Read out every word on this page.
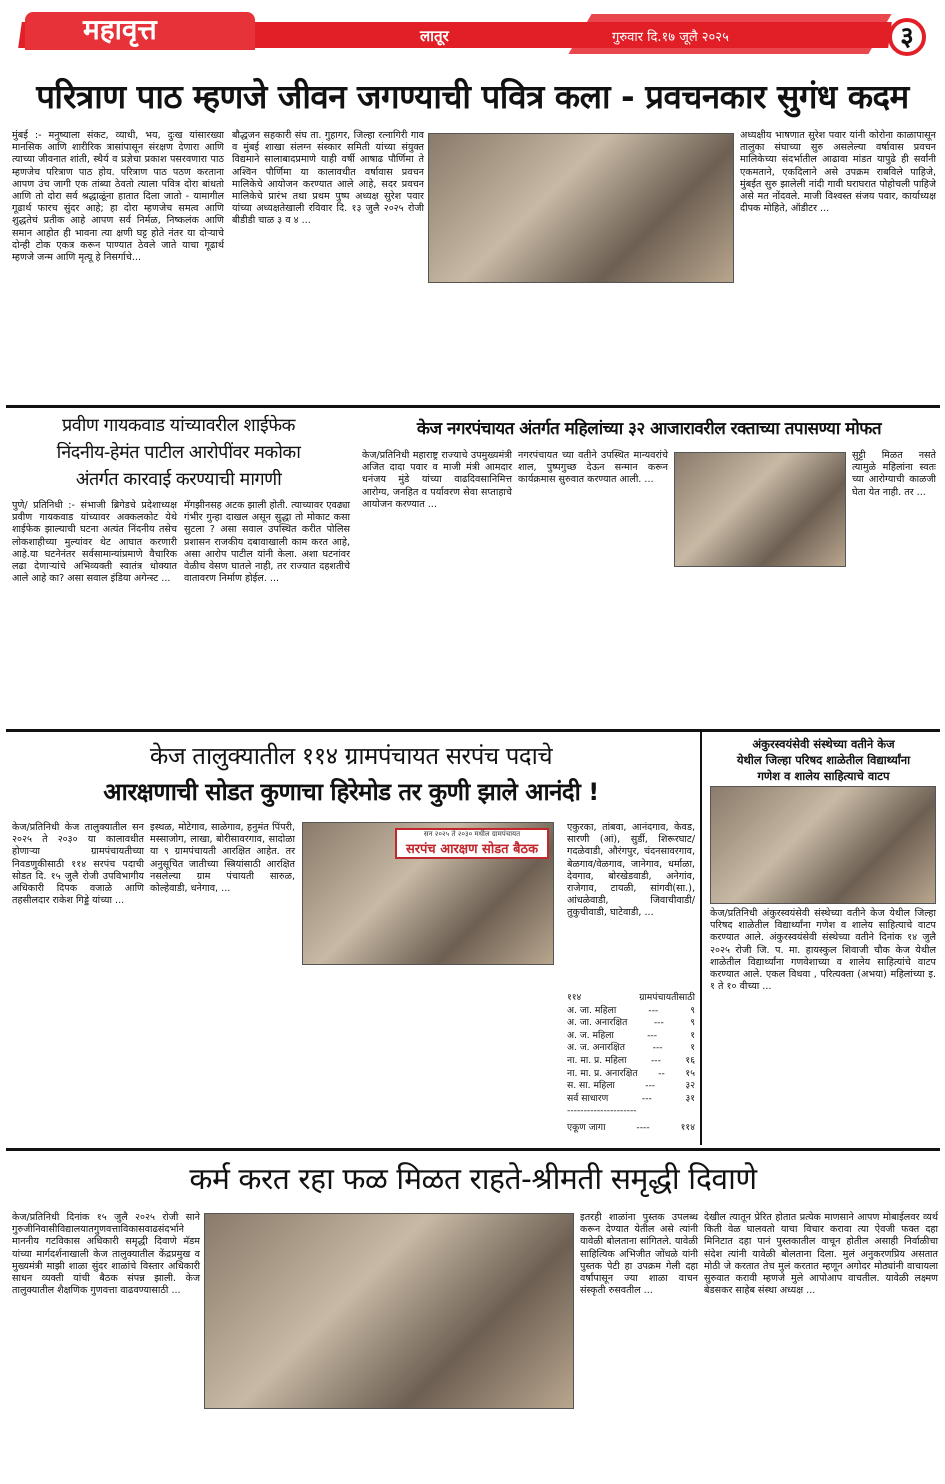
महावृत्त	लातूर	गुरुवार दि.१७ जूलै २०२५	३
परित्राण पाठ म्हणजे जीवन जगण्याची पवित्र कला - प्रवचनकार सुगंध कदम
मुंबई :- मनुष्याला संकट, व्याधी, भय, दुःख यांसारख्या मानसिक आणि शारीरिक त्रासांपासून संरक्षण देणारा आणि त्याच्या जीवनात शांती, स्थैर्य व प्रज्ञेचा प्रकाश पसरवणारा पाठ म्हणजेच परित्राण पाठ होय. परित्राण पाठ पठण करताना आपण उंच जागी एक तांब्या ठेवतो त्याला पवित्र दोरा बांधतो आणि तो दोरा सर्व श्रद्धाळूंना हातात दिला जातो - यामागील गूढार्थ फारच सुंदर आहे; हा दोरा म्हणजेच समत्व आणि शुद्धतेचं प्रतीक आहे आपण सर्व निर्मळ, निष्कलंक आणि समान आहोत ही भावना त्या क्षणी घट्ट होते नंतर या दोऱ्याचे दोन्ही टोक एकत्र करून पाण्यात ठेवले जाते याचा गूढार्थ म्हणजे जन्म आणि मृत्यू हे निसर्गाचे...
बौद्धजन सहकारी संघ ता. गुहागर, जिल्हा रत्नागिरी गाव व मुंबई शाखा संलग्न संस्कार समिती यांच्या संयुक्त विद्यमाने सालाबादप्रमाणे याही वर्षी आषाढ पौर्णिमा ते अश्विन पौर्णिमा या कालावधीत वर्षावास प्रवचन मालिकेचे आयोजन करण्यात आले आहे, सदर प्रवचन मालिकेचे प्रारंभ तथा प्रथम पुष्प अध्यक्ष सुरेश पवार यांच्या अध्यक्षतेखाली रविवार दि. १३ जुलै २०२५ रोजी बीडीडी चाळ ३ व ४ ...
अध्यक्षीय भाषणात सुरेश पवार यांनी कोरोना काळापासून तालुका संघाच्या सुरु असलेल्या वर्षावास प्रवचन मालिकेच्या संदर्भातील आढावा मांडत यापुढे ही सर्वांनी एकमताने, एकदिलाने असे उपक्रम राबविले पाहिजे, मुंबईत सुरु झालेली नांदी गावी घराघरात पोहोचली पाहिजे असे मत नोंदवले. माजी विश्वस्त संजय पवार, कार्याध्यक्ष दीपक मोहिते, ऑडीटर ...
प्रवीण गायकवाड यांच्यावरील शाईफेक
निंदनीय-हेमंत पाटील आरोपींवर मकोका
अंतर्गत कारवाई करण्याची मागणी
पुणे/ प्रतिनिधी :- संभाजी ब्रिगेडचे प्रदेशाध्यक्ष प्रवीण गायकवाड यांच्यावर अक्कलकोट येथे शाईफेक झाल्याची घटना अत्यंत निंदनीय तसेच लोकशाहीच्या मुल्यांवर थेट आघात करणारी आहे.या घटनेनंतर सर्वसामान्यांप्रमाणे वैचारिक लढा देणाऱ्यांचे अभिव्यक्ती स्वातंत्र धोक्यात आले आहे का? असा सवाल इंडिया अगेन्स्ट ...
मॅगझीनसह अटक झाली होती. त्याच्यावर एवढ्या गंभीर गुन्हा दाखल असून सुद्धा तो मोकाट कसा सुटला ? असा सवाल उपस्थित करीत पोलिस प्रशासन राजकीय दबावाखाली काम करत आहे, असा आरोप पाटील यांनी केला. अशा घटनांवर वेळीच वेसण घातले नाही, तर राज्यात दहशतीचे वातावरण निर्माण होईल. ...
केज नगरपंचायत अंतर्गत महिलांच्या ३२ आजारावरील रक्ताच्या तपासण्या मोफत
केज/प्रतिनिधी महाराष्ट्र राज्याचे उपमुख्यमंत्री अजित दादा पवार व माजी मंत्री आमदार धनंजय मुंडे यांच्या वाढदिवसानिमित्त आरोग्य, जनहित व पर्यावरण सेवा सप्ताहाचे आयोजन करण्यात ...
नगरपंचायत च्या वतीने उपस्थित मान्यवरांचे शाल, पुष्पगुच्छ देऊन सन्मान करून कार्यक्रमास सुरुवात करण्यात आली. ...
सुट्टी मिळत नसते त्यामुळे महिलांना स्वतः च्या आरोग्याची काळजी घेता येत नाही. तर ...
केज तालुक्यातील ११४ ग्रामपंचायत सरपंच पदाचे
आरक्षणाची सोडत कुणाचा हिरेमोड तर कुणी झाले आनंदी !
केज/प्रतिनिधी केज तालुक्यातील सन २०२५ ते २०३० या कालावधीत होणाऱ्या ग्रामपंचायतीच्या निवडणुकीसाठी ११४ सरपंच पदाची सोडत दि. १५ जुलै रोजी उपविभागीय अधिकारी दिपक वजाळे आणि तहसीलदार राकेश गिड्डे यांच्या ...
इस्थळ, मोटेगाव, साळेगाव, हनुमंत पिंपरी, मस्साजोग, लाखा, बोरीसावरगाव, सादोळा या ९ ग्रामपंचायती आरक्षित आहेत. तर अनुसूचित जातीच्या स्त्रियांसाठी आरक्षित नसलेल्या ग्राम पंचायती सारुळ, कोल्हेवाडी, धनेगाव, ...
सन २०२५ ते २०३० मधील ग्रामपंचायत
सरपंच आरक्षण सोडत बैठक
एकुरका, तांबवा, आनंदगाव, केवड, सारणी (आं), सुर्डी, शिरूरघाट/ गदळेवाडी, औरंगपुर, चंदनसावरगाव, बेळगाव/वेळगाव, जानेगाव, धर्माळा, देवगाव, बोरखेडवाडी, अनेगांव, राजेगाव, टायळी, सांगवी(सा.), आंधळेवाडी, जिवाचीवाडी/तुकुचीवाडी, घाटेवाडी, ...
११४	ग्रामपंचायतीसाठी
अ. जा. महिला	---	९
अ. जा. अनारक्षित	---	९
अ. ज. महिला	---	१
अ. ज. अनारक्षित	---	१
ना. मा. प्र. महिला	---	१६
ना. मा. प्र. अनारक्षित -- १५
स. सा. महिला	---	३२
सर्व साधारण	---	३१
---------------------
एकूण जागा	----	११४
अंकुरस्वयंसेवी संस्थेच्या वतीने केज
येथील जिल्हा परिषद शाळेतील विद्यार्थ्यांना
गणेश व शालेय साहित्याचे वाटप
केज/प्रतिनिधी अंकुरस्वयंसेवी संस्थेच्या वतीने केज येथील जिल्हा परिषद शाळेतील विद्यार्थ्यांना गणेश व शालेय साहित्याचे वाटप करण्यात आले. अंकुरस्वयंसेवी संस्थेच्या वतीने दिनांक १४ जुलै २०२५ रोजी जि. प. मा. हायस्कुल शिवाजी चौक केज येथील शाळेतील विद्यार्थ्यांना गणवेशाच्या व शालेय साहित्यांचे वाटप करण्यात आले. एकल विधवा , परित्यक्ता (अभया) महिलांच्या इ. १ ते १० वीच्या ...
कर्म करत रहा फळ मिळत राहते-श्रीमती समृद्धी दिवाणे
केज/प्रतिनिधी दिनांक १५ जुलै २०२५ रोजी साने गुरुजीनिवासीविद्यालयातगुणवत्ताविकासवाढसंदर्भाने माननीय गटविकास अधिकारी समृद्धी दिवाणे मॅडम यांच्या मार्गदर्शनाखाली केज तालुक्यातील केंद्रप्रमुख व मुख्यमंत्री माझी शाळा सुंदर शाळांचे विस्तार अधिकारी साधन व्यक्ती यांची बैठक संपन्न झाली. केज तालुक्यातील शैक्षणिक गुणवत्ता वाढवण्यासाठी ...
इतरही शाळांना पुस्तक उपलब्ध करून देण्यात येतील असे त्यांनी यावेळी बोलताना सांगितले. यावेळी साहित्यिक अभिजीत जोंधळे यांनी पुस्तक पेटी हा उपक्रम गेली दहा वर्षांपासून ज्या शाळा वाचन संस्कृती रुसवतील ...
देखील त्यातून प्रेरित होतात प्रत्येक माणसाने आपण मोबाईलवर व्यर्थ किती वेळ घालवतो याचा विचार करावा त्या ऐवजी फक्त दहा मिनिटात दहा पानं पुस्तकातील वाचून होतील असाही निर्वाळीचा संदेश त्यांनी यावेळी बोलताना दिला. मुलं अनुकरणप्रिय असतात मोठी जे करतात तेच मुलं करतात म्हणून अगोदर मोठ्यांनी वाचायला सुरुवात करावी म्हणजे मुले आपोआप वाचतील. यावेळी लक्ष्मण बेडसकर साहेब संस्था अध्यक्ष ...
